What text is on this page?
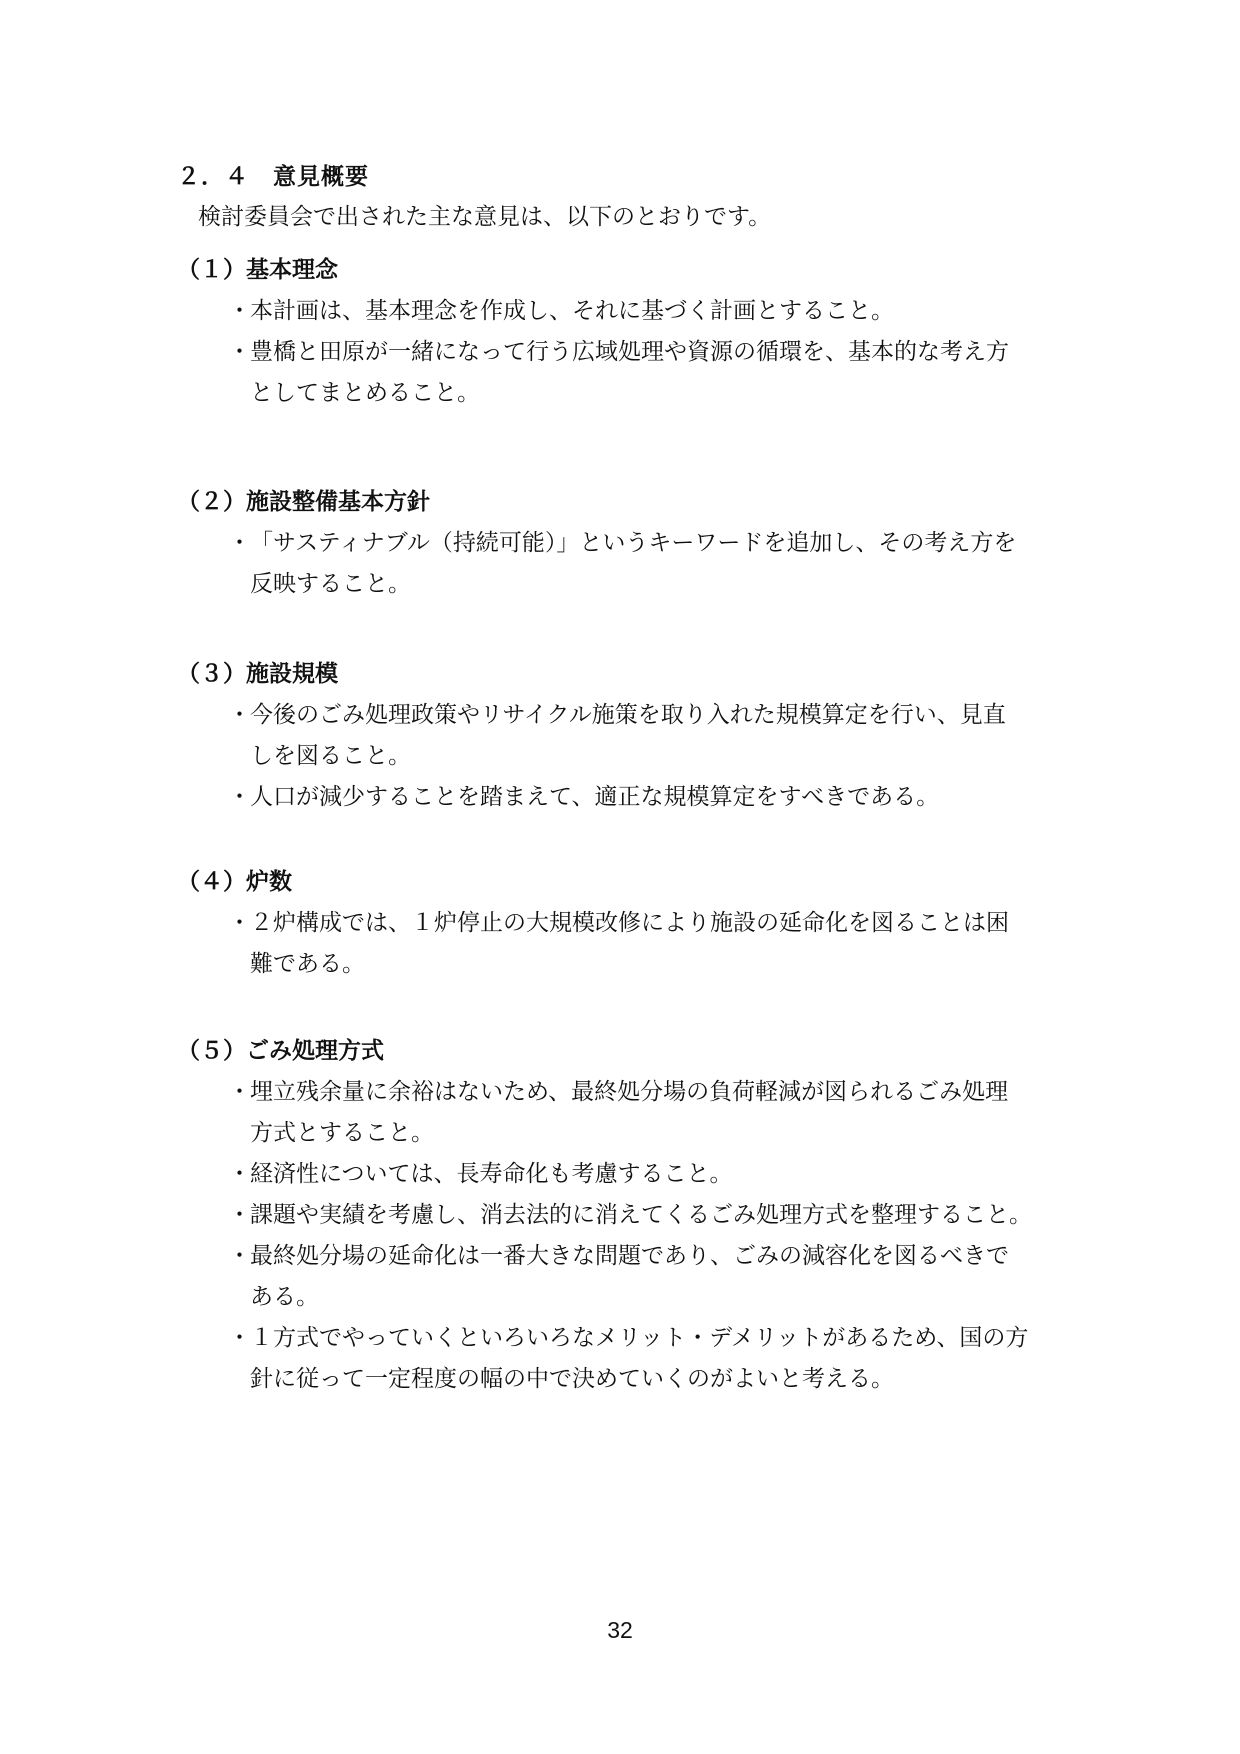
２．４　意見概要
検討委員会で出された主な意見は、以下のとおりです。
（１）基本理念
・ 本計画は、基本理念を作成し、それに基づく計画とすること。
・ 豊橋と田原が一緒になって行う広域処理や資源の循環を、基本的な考え方
としてまとめること。
（２）施設整備基本方針
・ 「サスティナブル（持続可能）」というキーワードを追加し、その考え方を
反映すること。
（３）施設規模
・ 今後のごみ処理政策やリサイクル施策を取り入れた規模算定を行い、見直
しを図ること。
・ 人口が減少することを踏まえて、適正な規模算定をすべきである。
（４）炉数
・ ２炉構成では、１炉停止の大規模改修により施設の延命化を図ることは困
難である。
（５）ごみ処理方式
・ 埋立残余量に余裕はないため、最終処分場の負荷軽減が図られるごみ処理
方式とすること。
・ 経済性については、長寿命化も考慮すること。
・ 課題や実績を考慮し、消去法的に消えてくるごみ処理方式を整理すること。
・ 最終処分場の延命化は一番大きな問題であり、ごみの減容化を図るべきで
ある。
・ １方式でやっていくといろいろなメリット・デメリットがあるため、国の方
針に従って一定程度の幅の中で決めていくのがよいと考える。
32
